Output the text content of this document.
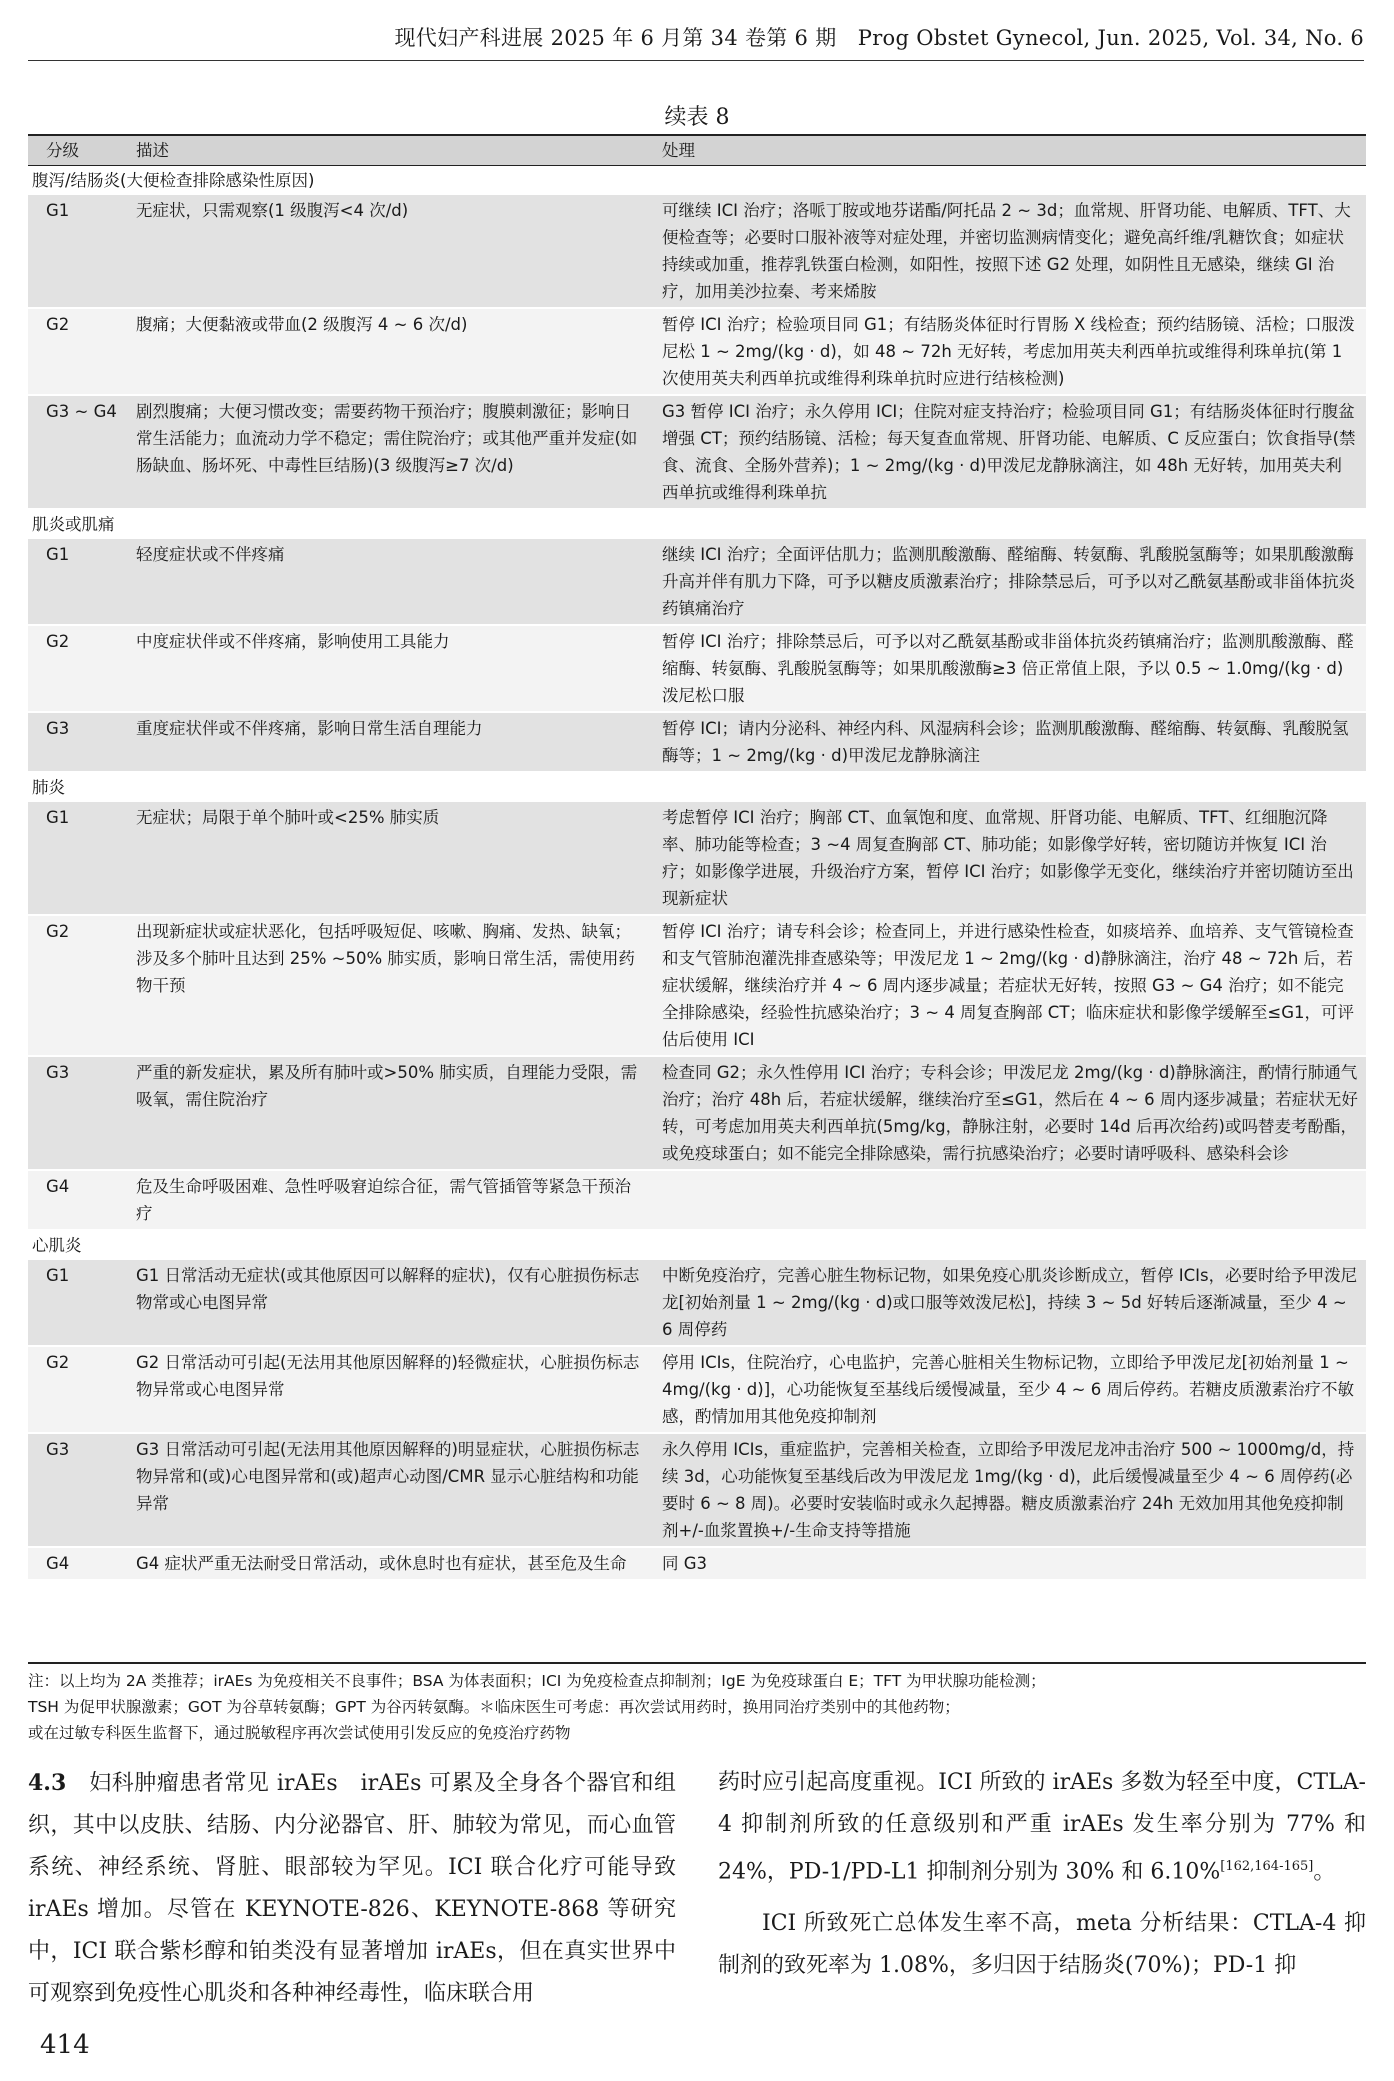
现代妇产科进展 2025 年 6 月第 34 卷第 6 期　Prog Obstet Gynecol, Jun. 2025, Vol. 34, No. 6
续表 8
分级	描述	处理
腹泻/结肠炎(大便检查排除感染性原因)		
G1	无症状，只需观察(1 级腹泻<4 次/d)	可继续 ICI 治疗；洛哌丁胺或地芬诺酯/阿托品 2 ~ 3d；血常规、肝肾功能、电解质、TFT、大便检查等；必要时口服补液等对症处理，并密切监测病情变化；避免高纤维/乳糖饮食；如症状持续或加重，推荐乳铁蛋白检测，如阳性，按照下述 G2 处理，如阴性且无感染，继续 GI 治疗，加用美沙拉秦、考来烯胺
G2	腹痛；大便黏液或带血(2 级腹泻 4 ~ 6 次/d)	暂停 ICI 治疗；检验项目同 G1；有结肠炎体征时行胃肠 X 线检查；预约结肠镜、活检；口服泼尼松 1 ~ 2mg/(kg · d)，如 48 ~ 72h 无好转，考虑加用英夫利西单抗或维得利珠单抗(第 1 次使用英夫利西单抗或维得利珠单抗时应进行结核检测)
G3 ~ G4	剧烈腹痛；大便习惯改变；需要药物干预治疗；腹膜刺激征；影响日常生活能力；血流动力学不稳定；需住院治疗；或其他严重并发症(如肠缺血、肠坏死、中毒性巨结肠)(3 级腹泻≥7 次/d)	G3 暂停 ICI 治疗；永久停用 ICI；住院对症支持治疗；检验项目同 G1；有结肠炎体征时行腹盆增强 CT；预约结肠镜、活检；每天复查血常规、肝肾功能、电解质、C 反应蛋白；饮食指导(禁食、流食、全肠外营养)；1 ~ 2mg/(kg · d)甲泼尼龙静脉滴注，如 48h 无好转，加用英夫利西单抗或维得利珠单抗
肌炎或肌痛		
G1	轻度症状或不伴疼痛	继续 ICI 治疗；全面评估肌力；监测肌酸激酶、醛缩酶、转氨酶、乳酸脱氢酶等；如果肌酸激酶升高并伴有肌力下降，可予以糖皮质激素治疗；排除禁忌后，可予以对乙酰氨基酚或非甾体抗炎药镇痛治疗
G2	中度症状伴或不伴疼痛，影响使用工具能力	暂停 ICI 治疗；排除禁忌后，可予以对乙酰氨基酚或非甾体抗炎药镇痛治疗；监测肌酸激酶、醛缩酶、转氨酶、乳酸脱氢酶等；如果肌酸激酶≥3 倍正常值上限，予以 0.5 ~ 1.0mg/(kg · d)泼尼松口服
G3	重度症状伴或不伴疼痛，影响日常生活自理能力	暂停 ICI；请内分泌科、神经内科、风湿病科会诊；监测肌酸激酶、醛缩酶、转氨酶、乳酸脱氢酶等；1 ~ 2mg/(kg · d)甲泼尼龙静脉滴注
肺炎		
G1	无症状；局限于单个肺叶或<25% 肺实质	考虑暂停 ICI 治疗；胸部 CT、血氧饱和度、血常规、肝肾功能、电解质、TFT、红细胞沉降率、肺功能等检查；3 ~4 周复查胸部 CT、肺功能；如影像学好转，密切随访并恢复 ICI 治疗；如影像学进展，升级治疗方案，暂停 ICI 治疗；如影像学无变化，继续治疗并密切随访至出现新症状
G2	出现新症状或症状恶化，包括呼吸短促、咳嗽、胸痛、发热、缺氧；涉及多个肺叶且达到 25% ~50% 肺实质，影响日常生活，需使用药物干预	暂停 ICI 治疗；请专科会诊；检查同上，并进行感染性检查，如痰培养、血培养、支气管镜检查和支气管肺泡灌洗排查感染等；甲泼尼龙 1 ~ 2mg/(kg · d)静脉滴注，治疗 48 ~ 72h 后，若症状缓解，继续治疗并 4 ~ 6 周内逐步减量；若症状无好转，按照 G3 ~ G4 治疗；如不能完全排除感染，经验性抗感染治疗；3 ~ 4 周复查胸部 CT；临床症状和影像学缓解至≤G1，可评估后使用 ICI
G3	严重的新发症状，累及所有肺叶或>50% 肺实质，自理能力受限，需吸氧，需住院治疗	检查同 G2；永久性停用 ICI 治疗；专科会诊；甲泼尼龙 2mg/(kg · d)静脉滴注，酌情行肺通气治疗；治疗 48h 后，若症状缓解，继续治疗至≤G1，然后在 4 ~ 6 周内逐步减量；若症状无好转，可考虑加用英夫利西单抗(5mg/kg，静脉注射，必要时 14d 后再次给药)或吗替麦考酚酯，或免疫球蛋白；如不能完全排除感染，需行抗感染治疗；必要时请呼吸科、感染科会诊
G4	危及生命呼吸困难、急性呼吸窘迫综合征，需气管插管等紧急干预治疗	
心肌炎		
G1	G1 日常活动无症状(或其他原因可以解释的症状)，仅有心脏损伤标志物常或心电图异常	中断免疫治疗，完善心脏生物标记物，如果免疫心肌炎诊断成立，暂停 ICIs，必要时给予甲泼尼龙[初始剂量 1 ~ 2mg/(kg · d)或口服等效泼尼松]，持续 3 ~ 5d 好转后逐渐减量，至少 4 ~ 6 周停药
G2	G2 日常活动可引起(无法用其他原因解释的)轻微症状，心脏损伤标志物异常或心电图异常	停用 ICIs，住院治疗，心电监护，完善心脏相关生物标记物，立即给予甲泼尼龙[初始剂量 1 ~ 4mg/(kg · d)]，心功能恢复至基线后缓慢减量，至少 4 ~ 6 周后停药。若糖皮质激素治疗不敏感，酌情加用其他免疫抑制剂
G3	G3 日常活动可引起(无法用其他原因解释的)明显症状，心脏损伤标志物异常和(或)心电图异常和(或)超声心动图/CMR 显示心脏结构和功能异常	永久停用 ICIs，重症监护，完善相关检查，立即给予甲泼尼龙冲击治疗 500 ~ 1000mg/d，持续 3d，心功能恢复至基线后改为甲泼尼龙 1mg/(kg · d)，此后缓慢减量至少 4 ~ 6 周停药(必要时 6 ~ 8 周)。必要时安装临时或永久起搏器。糖皮质激素治疗 24h 无效加用其他免疫抑制剂+/-血浆置换+/-生命支持等措施
G4	G4 症状严重无法耐受日常活动，或休息时也有症状，甚至危及生命	同 G3
注：以上均为 2A 类推荐；irAEs 为免疫相关不良事件；BSA 为体表面积；ICI 为免疫检查点抑制剂；IgE 为免疫球蛋白 E；TFT 为甲状腺功能检测；
TSH 为促甲状腺激素；GOT 为谷草转氨酶；GPT 为谷丙转氨酶。＊临床医生可考虑：再次尝试用药时，换用同治疗类别中的其他药物；
或在过敏专科医生监督下，通过脱敏程序再次尝试使用引发反应的免疫治疗药物

4.3　 妇科肿瘤患者常见 irAEs　irAEs 可累及全身各个器官和组织，其中以皮肤、结肠、内分泌器官、肝、肺较为常见，而心血管系统、神经系统、肾脏、眼部较为罕见。ICI 联合化疗可能导致 irAEs 增加。尽管在 KEYNOTE-826、KEYNOTE-868 等研究中，ICI 联合紫杉醇和铂类没有显著增加 irAEs，但在真实世界中可观察到免疫性心肌炎和各种神经毒性，临床联合用

药时应引起高度重视。ICI 所致的 irAEs 多数为轻至中度，CTLA-4 抑制剂所致的任意级别和严重 irAEs 发生率分别为 77% 和 24%，PD-1/PD-L1 抑制剂分别为 30% 和 6.10%[162,164-165]。

ICI 所致死亡总体发生率不高，meta 分析结果：CTLA-4 抑制剂的致死率为 1.08%，多归因于结肠炎(70%)；PD-1 抑

414
